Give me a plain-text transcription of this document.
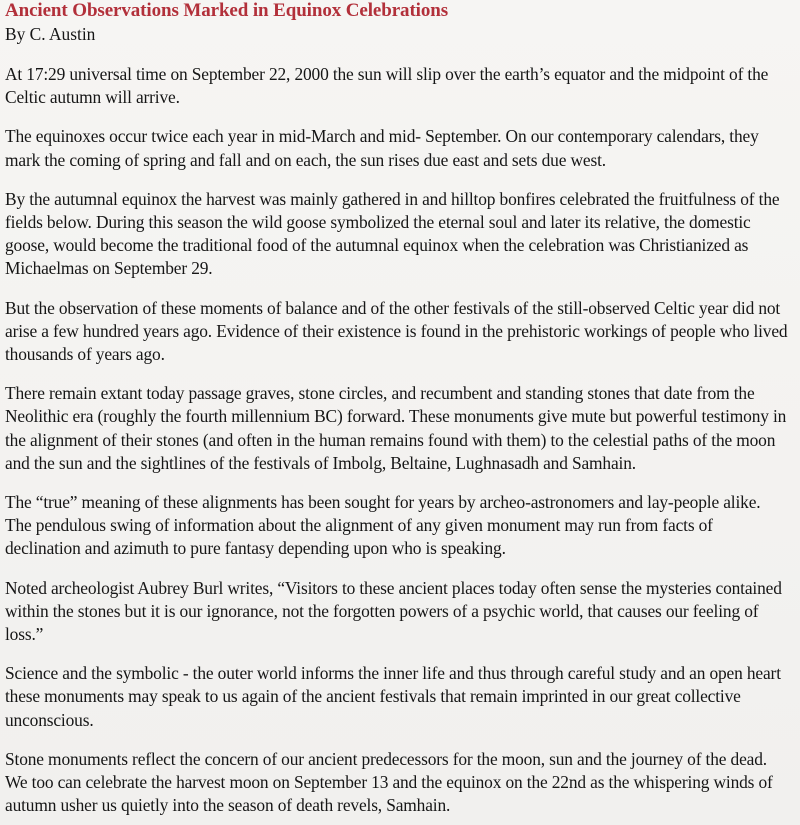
Ancient Observations Marked in Equinox Celebrations
By C. Austin

At 17:29 universal time on September 22, 2000 the sun will slip over the earth’s equator and the midpoint of the Celtic autumn will arrive.

The equinoxes occur twice each year in mid-March and mid- September. On our contemporary calendars, they mark the coming of spring and fall and on each, the sun rises due east and sets due west.

By the autumnal equinox the harvest was mainly gathered in and hilltop bonfires celebrated the fruitfulness of the fields below. During this season the wild goose symbolized the eternal soul and later its relative, the domestic goose, would become the traditional food of the autumnal equinox when the celebration was Christianized as Michaelmas on September 29.

But the observation of these moments of balance and of the other festivals of the still-observed Celtic year did not arise a few hundred years ago. Evidence of their existence is found in the prehistoric workings of people who lived thousands of years ago.

There remain extant today passage graves, stone circles, and recumbent and standing stones that date from the Neolithic era (roughly the fourth millennium BC) forward. These monuments give mute but powerful testimony in the alignment of their stones (and often in the human remains found with them) to the celestial paths of the moon and the sun and the sightlines of the festivals of Imbolg, Beltaine, Lughnasadh and Samhain.

The “true” meaning of these alignments has been sought for years by archeo-astronomers and lay-people alike. The pendulous swing of information about the alignment of any given monument may run from facts of declination and azimuth to pure fantasy depending upon who is speaking.

Noted archeologist Aubrey Burl writes, “Visitors to these ancient places today often sense the mysteries contained within the stones but it is our ignorance, not the forgotten powers of a psychic world, that causes our feeling of loss.”

Science and the symbolic - the outer world informs the inner life and thus through careful study and an open heart these monuments may speak to us again of the ancient festivals that remain imprinted in our great collective unconscious.

Stone monuments reflect the concern of our ancient predecessors for the moon, sun and the journey of the dead. We too can celebrate the harvest moon on September 13 and the equinox on the 22nd as the whispering winds of autumn usher us quietly into the season of death revels, Samhain.
